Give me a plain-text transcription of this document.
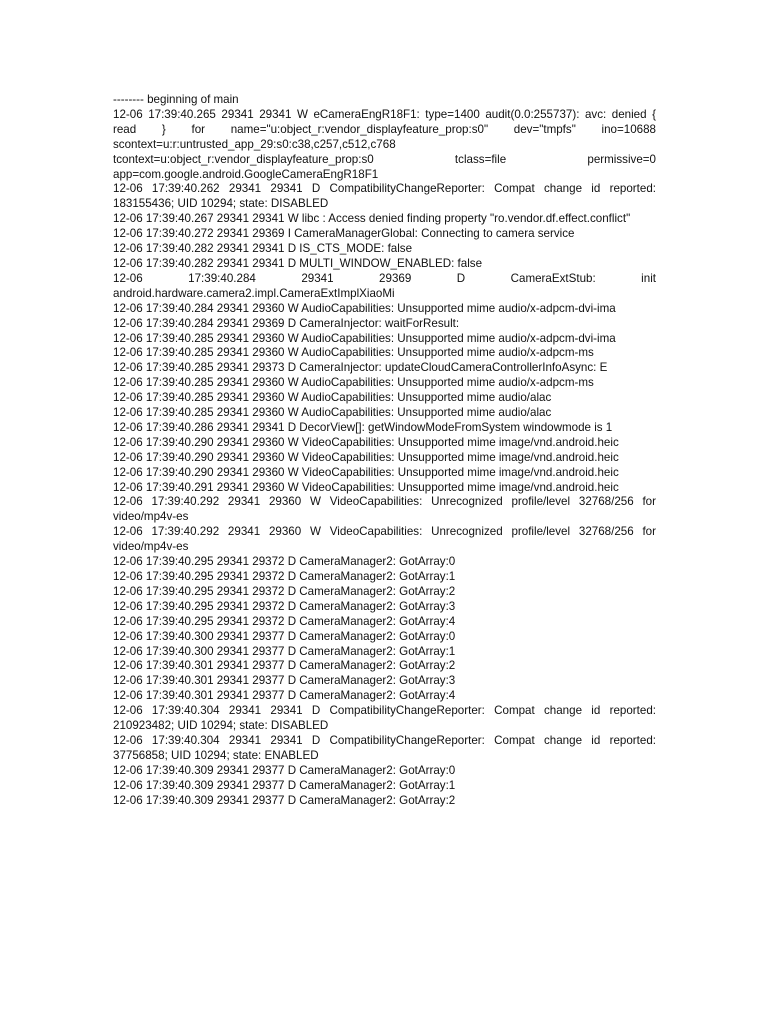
-------- beginning of main

12-06 17:39:40.265 29341 29341 W eCameraEngR18F1: type=1400 audit(0.0:255737): avc: denied { read } for name="u:object_r:vendor_displayfeature_prop:s0" dev="tmpfs" ino=10688 scontext=u:r:untrusted_app_29:s0:c38,c257,c512,c768 tcontext=u:object_r:vendor_displayfeature_prop:s0 tclass=file permissive=0 app=com.google.android.GoogleCameraEngR18F1

12-06 17:39:40.262 29341 29341 D CompatibilityChangeReporter: Compat change id reported: 183155436; UID 10294; state: DISABLED

12-06 17:39:40.267 29341 29341 W libc : Access denied finding property "ro.vendor.df.effect.conflict"

12-06 17:39:40.272 29341 29369 I CameraManagerGlobal: Connecting to camera service

12-06 17:39:40.282 29341 29341 D IS_CTS_MODE: false

12-06 17:39:40.282 29341 29341 D MULTI_WINDOW_ENABLED: false

12-06 17:39:40.284 29341 29369 D CameraExtStub: init android.hardware.camera2.impl.CameraExtImplXiaoMi

12-06 17:39:40.284 29341 29360 W AudioCapabilities: Unsupported mime audio/x-adpcm-dvi-ima

12-06 17:39:40.284 29341 29369 D CameraInjector: waitForResult:

12-06 17:39:40.285 29341 29360 W AudioCapabilities: Unsupported mime audio/x-adpcm-dvi-ima

12-06 17:39:40.285 29341 29360 W AudioCapabilities: Unsupported mime audio/x-adpcm-ms

12-06 17:39:40.285 29341 29373 D CameraInjector: updateCloudCameraControllerInfoAsync: E

12-06 17:39:40.285 29341 29360 W AudioCapabilities: Unsupported mime audio/x-adpcm-ms

12-06 17:39:40.285 29341 29360 W AudioCapabilities: Unsupported mime audio/alac

12-06 17:39:40.285 29341 29360 W AudioCapabilities: Unsupported mime audio/alac

12-06 17:39:40.286 29341 29341 D DecorView[]: getWindowModeFromSystem windowmode is 1

12-06 17:39:40.290 29341 29360 W VideoCapabilities: Unsupported mime image/vnd.android.heic

12-06 17:39:40.290 29341 29360 W VideoCapabilities: Unsupported mime image/vnd.android.heic

12-06 17:39:40.290 29341 29360 W VideoCapabilities: Unsupported mime image/vnd.android.heic

12-06 17:39:40.291 29341 29360 W VideoCapabilities: Unsupported mime image/vnd.android.heic

12-06 17:39:40.292 29341 29360 W VideoCapabilities: Unrecognized profile/level 32768/256 for video/mp4v-es

12-06 17:39:40.292 29341 29360 W VideoCapabilities: Unrecognized profile/level 32768/256 for video/mp4v-es

12-06 17:39:40.295 29341 29372 D CameraManager2: GotArray:0

12-06 17:39:40.295 29341 29372 D CameraManager2: GotArray:1

12-06 17:39:40.295 29341 29372 D CameraManager2: GotArray:2

12-06 17:39:40.295 29341 29372 D CameraManager2: GotArray:3

12-06 17:39:40.295 29341 29372 D CameraManager2: GotArray:4

12-06 17:39:40.300 29341 29377 D CameraManager2: GotArray:0

12-06 17:39:40.300 29341 29377 D CameraManager2: GotArray:1

12-06 17:39:40.301 29341 29377 D CameraManager2: GotArray:2

12-06 17:39:40.301 29341 29377 D CameraManager2: GotArray:3

12-06 17:39:40.301 29341 29377 D CameraManager2: GotArray:4

12-06 17:39:40.304 29341 29341 D CompatibilityChangeReporter: Compat change id reported: 210923482; UID 10294; state: DISABLED

12-06 17:39:40.304 29341 29341 D CompatibilityChangeReporter: Compat change id reported: 37756858; UID 10294; state: ENABLED

12-06 17:39:40.309 29341 29377 D CameraManager2: GotArray:0

12-06 17:39:40.309 29341 29377 D CameraManager2: GotArray:1

12-06 17:39:40.309 29341 29377 D CameraManager2: GotArray:2
